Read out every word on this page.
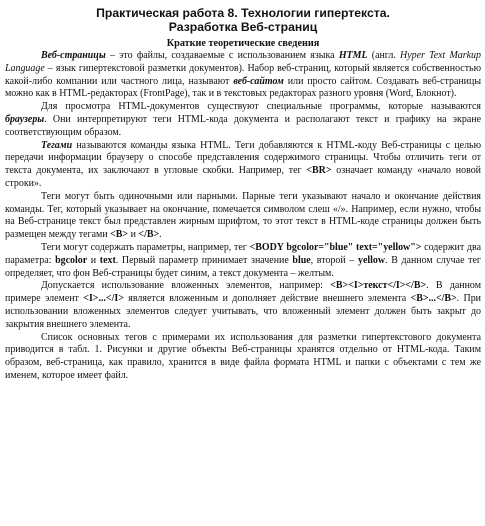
Практическая работа 8. Технологии гипертекста.
Разработка Веб-страниц
Краткие теоретические сведения

Веб-страницы – это файлы, создаваемые с использованием языка HTML (англ. Hyper Text Markup Language – язык гипертекстовой разметки документов). Набор веб-страниц, который является собственностью какой-либо компании или частного лица, называют веб-сайтом или просто сайтом. Создавать веб-страницы можно как в HTML-редакторах (FrontPage), так и в текстовых редакторах разного уровня (Word, Блокнот).

Для просмотра HTML-документов существуют специальные программы, которые называются браузеры. Они интерпретируют теги HTML-кода документа и располагают текст и графику на экране соответствующим образом.

Тегами называются команды языка HTML. Теги добавляются к HTML-коду Веб-страницы с целью передачи информации браузеру о способе представления содержимого страницы. Чтобы отличить теги от текста документа, их заключают в угловые скобки. Например, тег <BR> означает команду «начало новой строки».

Теги могут быть одиночными или парными. Парные теги указывают начало и окончание действия команды. Тег, который указывает на окончание, помечается символом слеш «/». Например, если нужно, чтобы на Веб-странице текст был представлен жирным шрифтом, то этот текст в HTML-коде страницы должен быть размещен между тегами <B> и </B>.

Теги могут содержать параметры, например, тег <BODY bgcolor="blue" text="yellow"> содержит два параметра: bgcolor и text. Первый параметр принимает значение blue, второй – yellow. В данном случае тег определяет, что фон Веб-страницы будет синим, а текст документа – желтым.

Допускается использование вложенных элементов, например: <B><I>текст</I></B>. В данном примере элемент <I>...</I> является вложенным и дополняет действие внешнего элемента <B>...</B>. При использовании вложенных элементов следует учитывать, что вложенный элемент должен быть закрыт до закрытия внешнего элемента.

Список основных тегов с примерами их использования для разметки гипертекстового документа приводится в табл. 1. Рисунки и другие объекты Веб-страницы хранятся отдельно от HTML-кода. Таким образом, веб-страница, как правило, хранится в виде файла формата HTML и папки с объектами с тем же именем, которое имеет файл.
